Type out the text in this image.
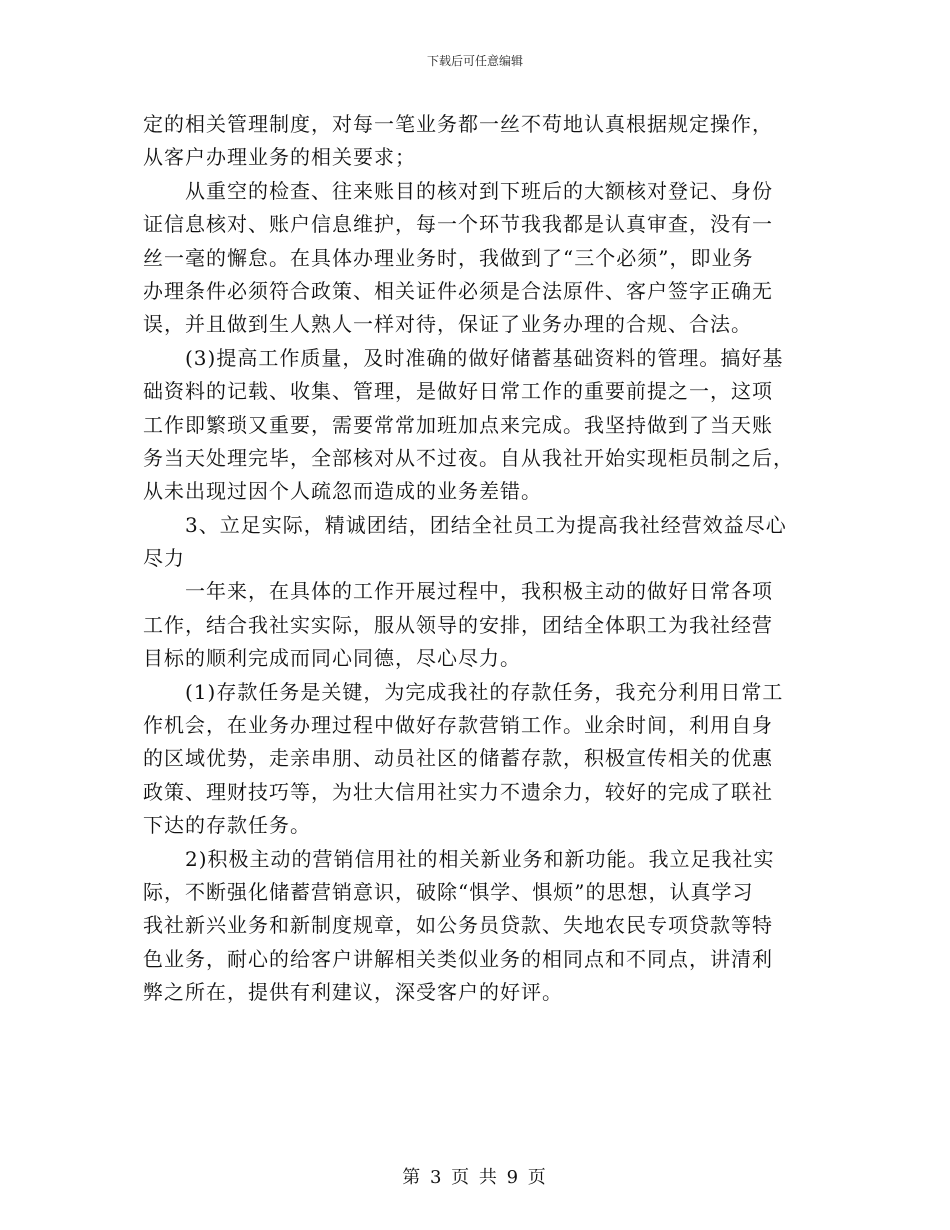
下载后可任意编辑
定的相关管理制度，对每一笔业务都一丝不苟地认真根据规定操作，
从客户办理业务的相关要求；
　　从重空的检查、往来账目的核对到下班后的大额核对登记、身份
证信息核对、账户信息维护，每一个环节我我都是认真审查，没有一
丝一毫的懈怠。在具体办理业务时，我做到了“三个必须”，即业务
办理条件必须符合政策、相关证件必须是合法原件、客户签字正确无
误，并且做到生人熟人一样对待，保证了业务办理的合规、合法。
　　(3)提高工作质量，及时准确的做好储蓄基础资料的管理。搞好基
础资料的记载、收集、管理，是做好日常工作的重要前提之一，这项
工作即繁琐又重要，需要常常加班加点来完成。我坚持做到了当天账
务当天处理完毕，全部核对从不过夜。自从我社开始实现柜员制之后，
从未出现过因个人疏忽而造成的业务差错。
　　3、立足实际，精诚团结，团结全社员工为提高我社经营效益尽心
尽力
　　一年来，在具体的工作开展过程中，我积极主动的做好日常各项
工作，结合我社实实际，服从领导的安排，团结全体职工为我社经营
目标的顺利完成而同心同德，尽心尽力。
　　(1)存款任务是关键，为完成我社的存款任务，我充分利用日常工
作机会，在业务办理过程中做好存款营销工作。业余时间，利用自身
的区域优势，走亲串朋、动员社区的储蓄存款，积极宣传相关的优惠
政策、理财技巧等，为壮大信用社实力不遗余力，较好的完成了联社
下达的存款任务。
　　2)积极主动的营销信用社的相关新业务和新功能。我立足我社实
际，不断强化储蓄营销意识，破除“惧学、惧烦”的思想，认真学习
我社新兴业务和新制度规章，如公务员贷款、失地农民专项贷款等特
色业务，耐心的给客户讲解相关类似业务的相同点和不同点，讲清利
弊之所在，提供有利建议，深受客户的好评。
第 3 页 共 9 页
